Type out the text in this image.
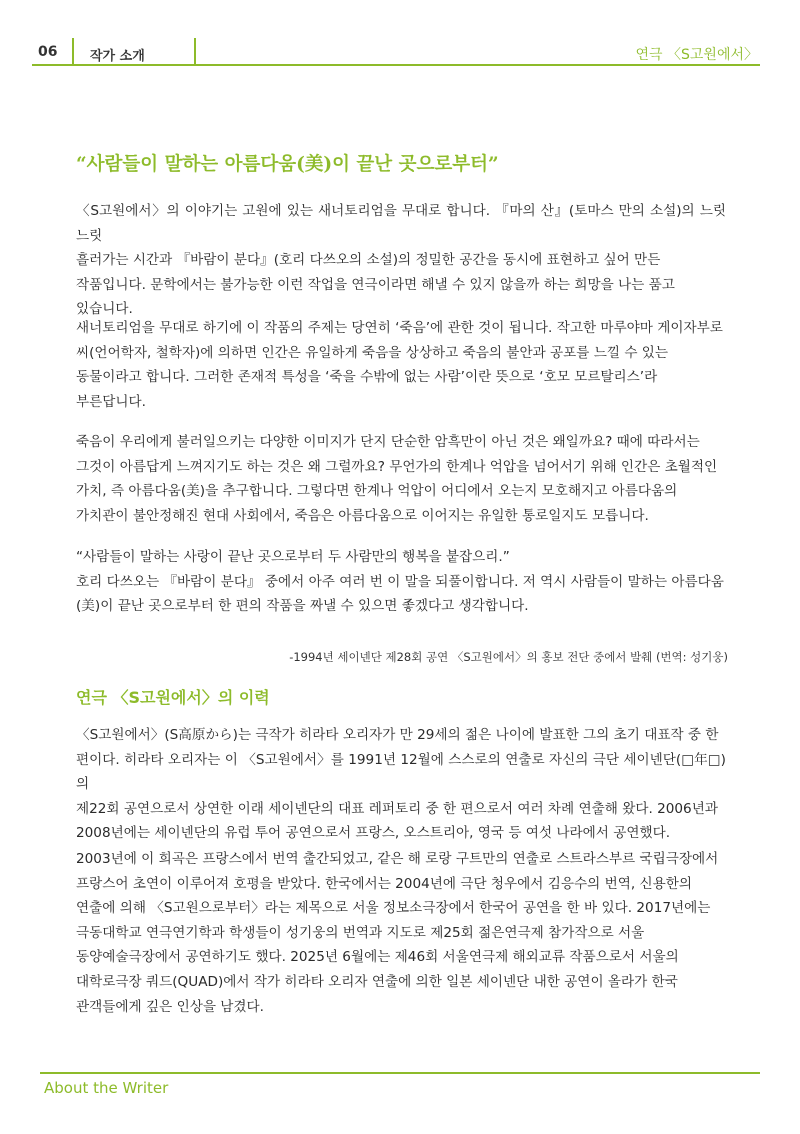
06	작가 소개	연극 〈S고원에서〉
“사람들이 말하는 아름다움(美)이 끝난 곳으로부터”
〈S고원에서〉의 이야기는 고원에 있는 새너토리엄을 무대로 합니다. 『마의 산』(토마스 만의 소설)의 느릿느릿
흘러가는 시간과 『바람이 분다』(호리 다쓰오의 소설)의 정밀한 공간을 동시에 표현하고 싶어 만든
작품입니다. 문학에서는 불가능한 이런 작업을 연극이라면 해낼 수 있지 않을까 하는 희망을 나는 품고
있습니다.
새너토리엄을 무대로 하기에 이 작품의 주제는 당연히 ‘죽음’에 관한 것이 됩니다. 작고한 마루야마 게이자부로
씨(언어학자, 철학자)에 의하면 인간은 유일하게 죽음을 상상하고 죽음의 불안과 공포를 느낄 수 있는
동물이라고 합니다. 그러한 존재적 특성을 ‘죽을 수밖에 없는 사람’이란 뜻으로 ‘호모 모르탈리스’라
부른답니다.
죽음이 우리에게 불러일으키는 다양한 이미지가 단지 단순한 암흑만이 아닌 것은 왜일까요? 때에 따라서는
그것이 아름답게 느껴지기도 하는 것은 왜 그럴까요? 무언가의 한계나 억압을 넘어서기 위해 인간은 초월적인
가치, 즉 아름다움(美)을 추구합니다. 그렇다면 한계나 억압이 어디에서 오는지 모호해지고 아름다움의
가치관이 불안정해진 현대 사회에서, 죽음은 아름다움으로 이어지는 유일한 통로일지도 모릅니다.
“사람들이 말하는 사랑이 끝난 곳으로부터 두 사람만의 행복을 붙잡으리.”
호리 다쓰오는 『바람이 분다』 중에서 아주 여러 번 이 말을 되풀이합니다. 저 역시 사람들이 말하는 아름다움
(美)이 끝난 곳으로부터 한 편의 작품을 짜낼 수 있으면 좋겠다고 생각합니다.
-1994년 세이넨단 제28회 공연 〈S고원에서〉의 홍보 전단 중에서 발췌 (번역: 성기웅)
연극 〈S고원에서〉의 이력
〈S고원에서〉(S高原から)는 극작가 히라타 오리자가 만 29세의 젊은 나이에 발표한 그의 초기 대표작 중 한
편이다. 히라타 오리자는 이 〈S고원에서〉를 1991년 12월에 스스로의 연출로 자신의 극단 세이넨단(□年□)의
제22회 공연으로서 상연한 이래 세이넨단의 대표 레퍼토리 중 한 편으로서 여러 차례 연출해 왔다. 2006년과
2008년에는 세이넨단의 유럽 투어 공연으로서 프랑스, 오스트리아, 영국 등 여섯 나라에서 공연했다.
2003년에 이 희곡은 프랑스에서 번역 출간되었고, 같은 해 로랑 구트만의 연출로 스트라스부르 국립극장에서
프랑스어 초연이 이루어져 호평을 받았다. 한국에서는 2004년에 극단 청우에서 김응수의 번역, 신용한의
연출에 의해 〈S고원으로부터〉라는 제목으로 서울 정보소극장에서 한국어 공연을 한 바 있다. 2017년에는
극동대학교 연극연기학과 학생들이 성기웅의 번역과 지도로 제25회 젊은연극제 참가작으로 서울
동양예술극장에서 공연하기도 했다. 2025년 6월에는 제46회 서울연극제 해외교류 작품으로서 서울의
대학로극장 쿼드(QUAD)에서 작가 히라타 오리자 연출에 의한 일본 세이넨단 내한 공연이 올라가 한국
관객들에게 깊은 인상을 남겼다.
About the Writer
